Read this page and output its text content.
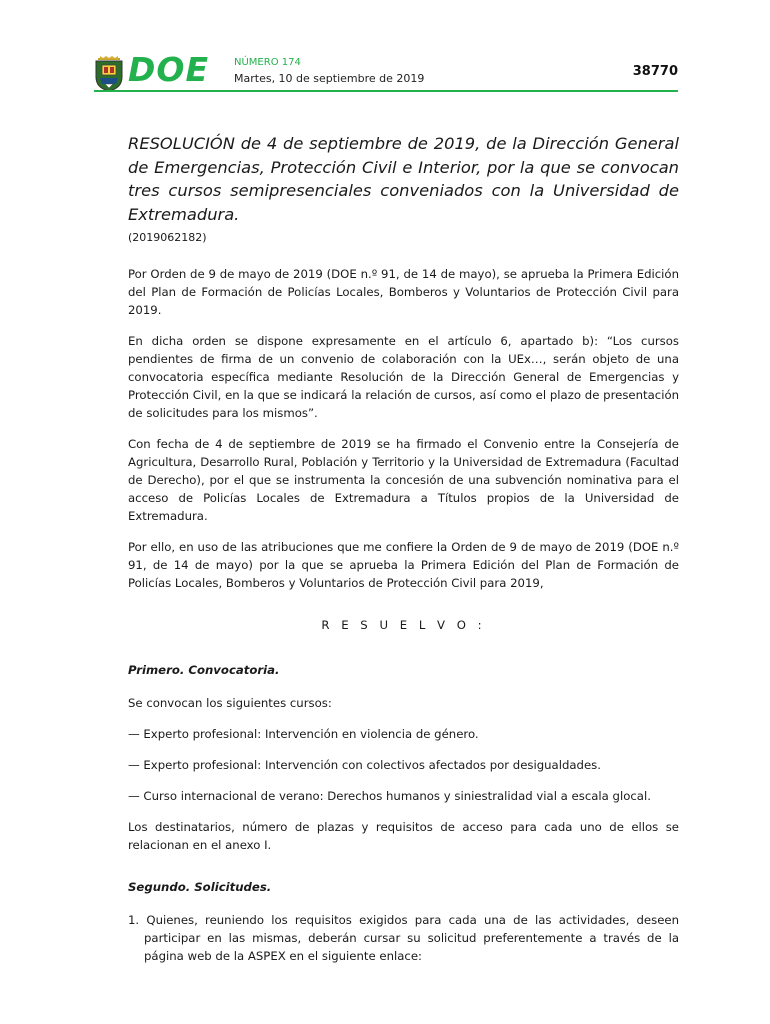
DOE	NÚMERO 174
Martes, 10 de septiembre de 2019	38770

RESOLUCIÓN de 4 de septiembre de 2019, de la Dirección General de Emergencias, Protección Civil e Interior, por la que se convocan tres cursos semipresenciales conveniados con la Universidad de Extremadura.

(2019062182)

Por Orden de 9 de mayo de 2019 (DOE n.º 91, de 14 de mayo), se aprueba la Primera Edición del Plan de Formación de Policías Locales, Bomberos y Voluntarios de Protección Civil para 2019.

En dicha orden se dispone expresamente en el artículo 6, apartado b): “Los cursos pendientes de firma de un convenio de colaboración con la UEx…, serán objeto de una convocatoria específica mediante Resolución de la Dirección General de Emergencias y Protección Civil, en la que se indicará la relación de cursos, así como el plazo de presentación de solicitudes para los mismos”.

Con fecha de 4 de septiembre de 2019 se ha firmado el Convenio entre la Consejería de Agricultura, Desarrollo Rural, Población y Territorio y la Universidad de Extremadura (Facultad de Derecho), por el que se instrumenta la concesión de una subvención nominativa para el acceso de Policías Locales de Extremadura a Títulos propios de la Universidad de Extremadura.

Por ello, en uso de las atribuciones que me confiere la Orden de 9 de mayo de 2019 (DOE n.º 91, de 14 de mayo) por la que se aprueba la Primera Edición del Plan de Formación de Policías Locales, Bomberos y Voluntarios de Protección Civil para 2019,

R E S U E L V O :
Primero. Convocatoria.

Se convocan los siguientes cursos:

— Experto profesional: Intervención en violencia de género.

— Experto profesional: Intervención con colectivos afectados por desigualdades.

— Curso internacional de verano: Derechos humanos y siniestralidad vial a escala glocal.

Los destinatarios, número de plazas y requisitos de acceso para cada uno de ellos se relacionan en el anexo I.

Segundo. Solicitudes.

1. Quienes, reuniendo los requisitos exigidos para cada una de las actividades, deseen participar en las mismas, deberán cursar su solicitud preferentemente a través de la página web de la ASPEX en el siguiente enlace:
